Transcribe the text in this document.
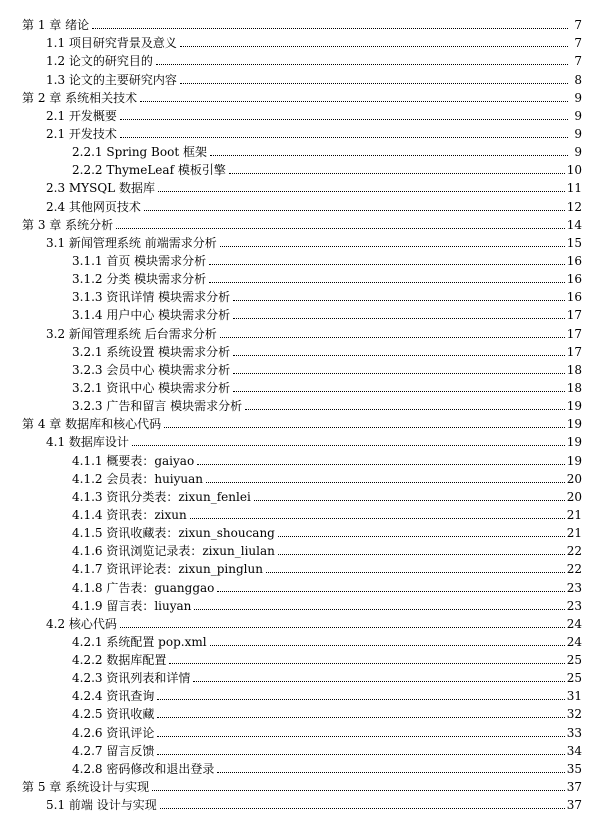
第 1 章 绪论	7
1.1 项目研究背景及意义	7
1.2 论文的研究目的	7
1.3 论文的主要研究内容	8
第 2 章 系统相关技术	9
2.1 开发概要	9
2.1 开发技术	9
2.2.1 Spring Boot 框架	9
2.2.2 ThymeLeaf 模板引擎	10
2.3 MYSQL 数据库	11
2.4 其他网页技术	12
第 3 章 系统分析	14
3.1 新闻管理系统 前端需求分析	15
3.1.1 首页 模块需求分析	16
3.1.2 分类 模块需求分析	16
3.1.3 资讯详情 模块需求分析	16
3.1.4 用户中心 模块需求分析	17
3.2 新闻管理系统 后台需求分析	17
3.2.1 系统设置 模块需求分析	17
3.2.3 会员中心 模块需求分析	18
3.2.1 资讯中心 模块需求分析	18
3.2.3 广告和留言 模块需求分析	19
第 4 章 数据库和核心代码	19
4.1 数据库设计	19
4.1.1 概要表：gaiyao	19
4.1.2 会员表：huiyuan	20
4.1.3 资讯分类表：zixun_fenlei	20
4.1.4 资讯表：zixun	21
4.1.5 资讯收藏表：zixun_shoucang	21
4.1.6 资讯浏览记录表：zixun_liulan	22
4.1.7 资讯评论表：zixun_pinglun	22
4.1.8 广告表：guanggao	23
4.1.9 留言表：liuyan	23
4.2 核心代码	24
4.2.1 系统配置 pop.xml	24
4.2.2 数据库配置	25
4.2.3 资讯列表和详情	25
4.2.4 资讯查询	31
4.2.5 资讯收藏	32
4.2.6 资讯评论	33
4.2.7 留言反馈	34
4.2.8 密码修改和退出登录	35
第 5 章 系统设计与实现	37
5.1 前端 设计与实现	37
